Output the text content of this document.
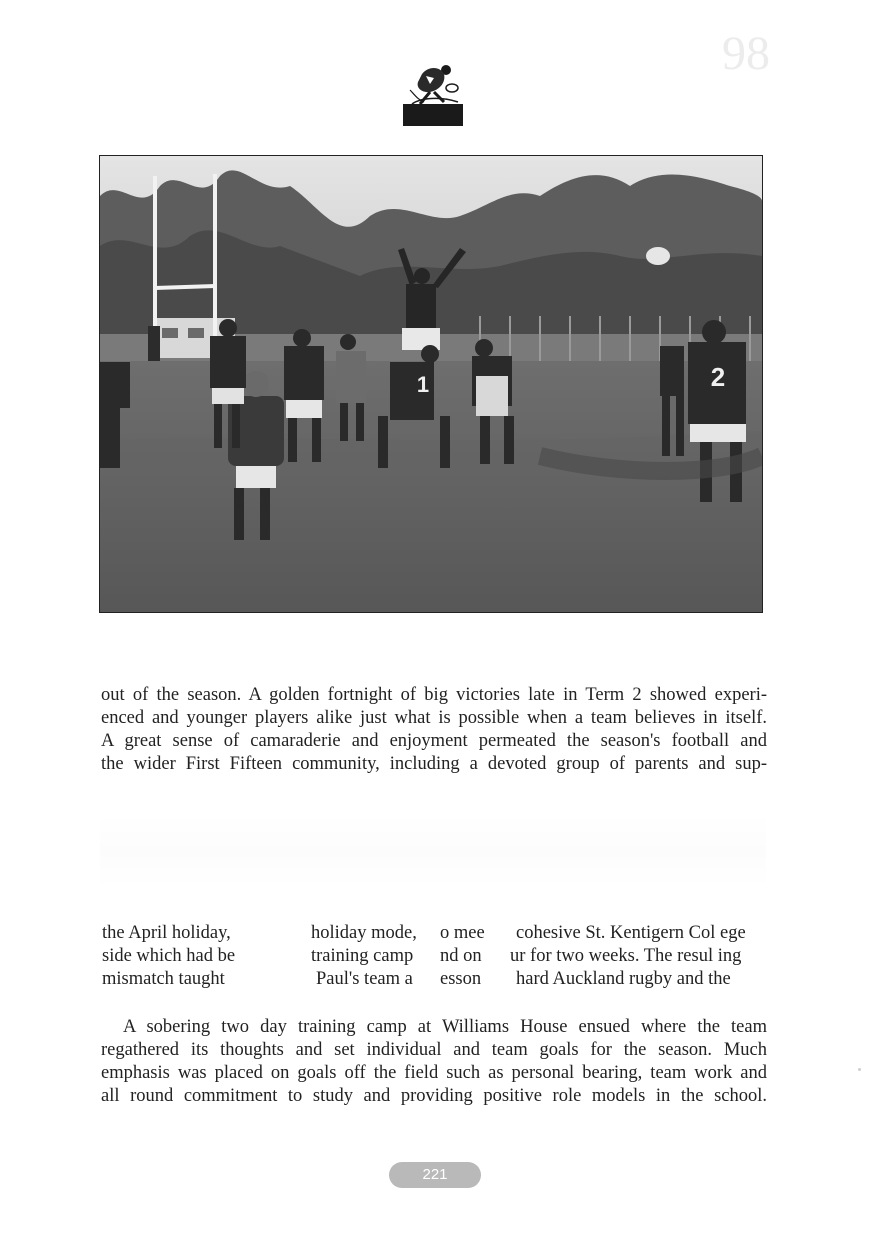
98
1	2

out of the season. A golden fortnight of big victories late in Term 2 showed experi-
enced and younger players alike just what is possible when a team believes in itself.
A great sense of camaraderie and enjoyment permeated the season's football and
the wider First Fifteen community, including a devoted group of parents and sup-

the April holiday,
side which had be
mismatch taught
holiday mode,
training camp
Paul's team a
o mee
nd on
esson
cohesive St. Kentigern Col ege
ur for two weeks. The resul ing
hard Auckland rugby and the

A sobering two day training camp at Williams House ensued where the team
regathered its thoughts and set individual and team goals for the season. Much
emphasis was placed on goals off the field such as personal bearing, team work and
all round commitment to study and providing positive role models in the school.

221
